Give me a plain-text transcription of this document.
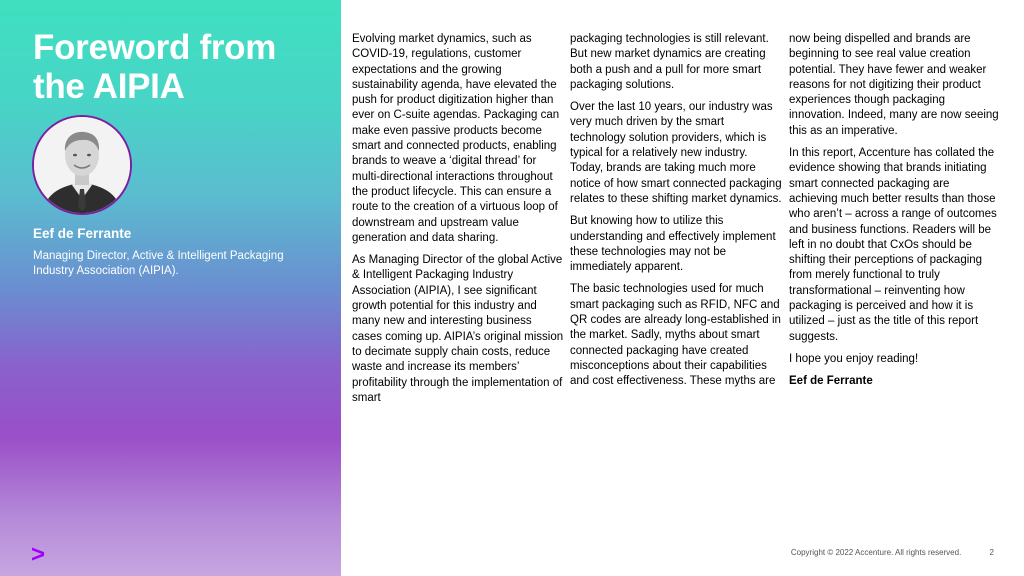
Foreword from the AIPIA
Eef de Ferrante
Managing Director, Active & Intelligent Packaging Industry Association (AIPIA).
>

Evolving market dynamics, such as COVID-19, regulations, customer expectations and the growing sustainability agenda, have elevated the push for product digitization higher than ever on C-suite agendas. Packaging can make even passive products become smart and connected products, enabling brands to weave a ‘digital thread’ for multi-directional interactions throughout the product lifecycle. This can ensure a route to the creation of a virtuous loop of downstream and upstream value generation and data sharing.

As Managing Director of the global Active & Intelligent Packaging Industry Association (AIPIA), I see significant growth potential for this industry and many new and interesting business cases coming up. AIPIA’s original mission to decimate supply chain costs, reduce waste and increase its members’ profitability through the implementation of smart

packaging technologies is still relevant. But new market dynamics are creating both a push and a pull for more smart packaging solutions.

Over the last 10 years, our industry was very much driven by the smart technology solution providers, which is typical for a relatively new industry. Today, brands are taking much more notice of how smart connected packaging relates to these shifting market dynamics.

But knowing how to utilize this understanding and effectively implement these technologies may not be immediately apparent.

The basic technologies used for much smart packaging such as RFID, NFC and QR codes are already long-established in the market. Sadly, myths about smart connected packaging have created misconceptions about their capabilities and cost effectiveness. These myths are

now being dispelled and brands are beginning to see real value creation potential. They have fewer and weaker reasons for not digitizing their product experiences though packaging innovation. Indeed, many are now seeing this as an imperative.

In this report, Accenture has collated the evidence showing that brands initiating smart connected packaging are achieving much better results than those who aren’t – across a range of outcomes and business functions. Readers will be left in no doubt that CxOs should be shifting their perceptions of packaging from merely functional to truly transformational – reinventing how packaging is perceived and how it is utilized – just as the title of this report suggests.

I hope you enjoy reading!

Eef de Ferrante

Copyright © 2022 Accenture. All rights reserved.	2
